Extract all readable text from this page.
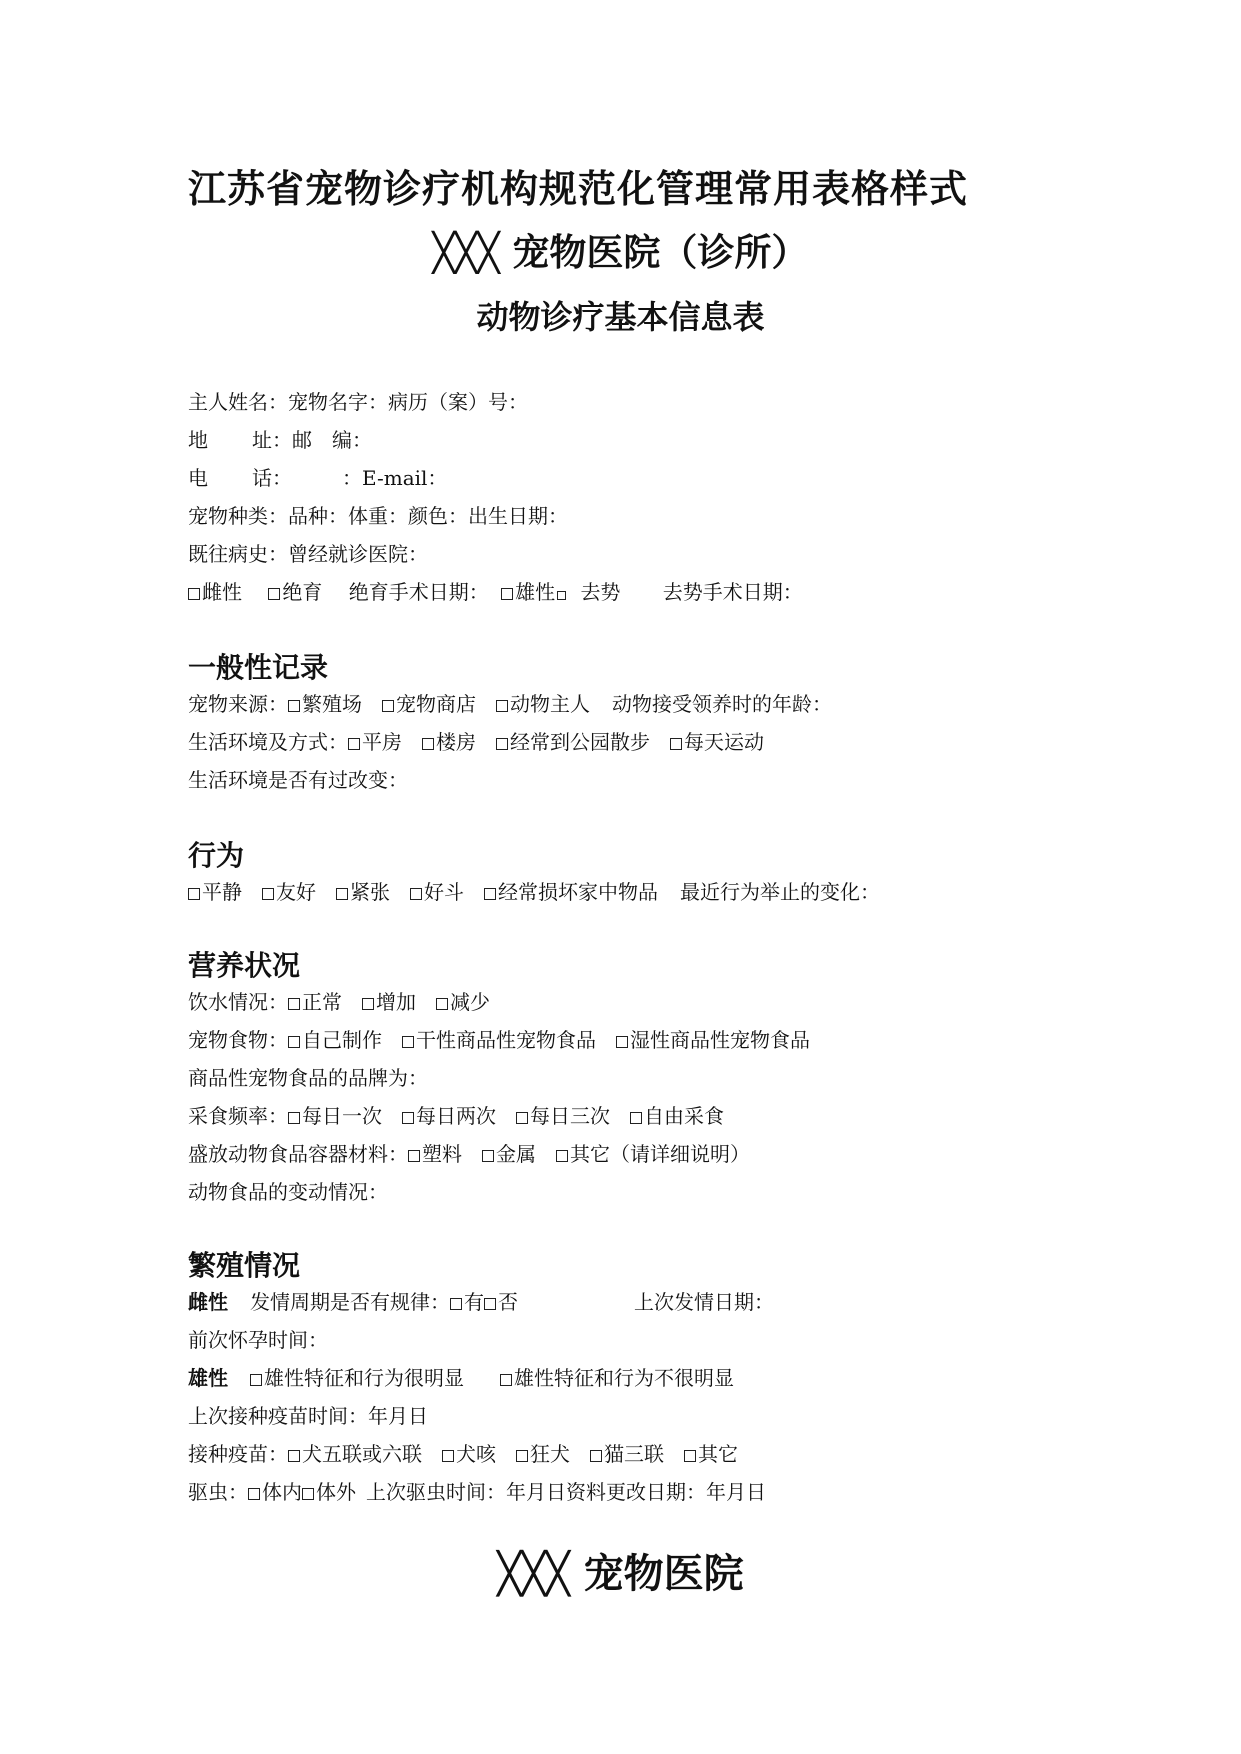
江苏省宠物诊疗机构规范化管理常用表格样式
╳╳╳ 宠物医院（诊所）
动物诊疗基本信息表
主人姓名：宠物名字：病历（案）号：
地 址：邮　编：
电 话：	：E-mail：
宠物种类：品种：体重：颜色：出生日期：
既往病史：曾经就诊医院：
雌性 绝育 绝育手术日期： 雄性 去势 去势手术日期：
一般性记录
宠物来源： 繁殖场 宠物商店 动物主人 动物接受领养时的年龄：
生活环境及方式： 平房 楼房 经常到公园散步 每天运动
生活环境是否有过改变：
行为
平静 友好 紧张 好斗 经常损坏家中物品 最近行为举止的变化：
营养状况
饮水情况： 正常 增加 减少
宠物食物： 自己制作 干性商品性宠物食品 湿性商品性宠物食品
商品性宠物食品的品牌为：
采食频率： 每日一次 每日两次 每日三次 自由采食
盛放动物食品容器材料： 塑料 金属 其它（请详细说明）
动物食品的变动情况：
繁殖情况
雌性 发情周期是否有规律： 有 否	上次发情日期：
前次怀孕时间：
雄性 雄性特征和行为很明显	雄性特征和行为不很明显
上次接种疫苗时间：年月日
接种疫苗： 犬五联或六联 犬咳 狂犬 猫三联 其它
驱虫： 体内 体外 上次驱虫时间：年月日资料更改日期：年月日
╳╳╳ 宠物医院
